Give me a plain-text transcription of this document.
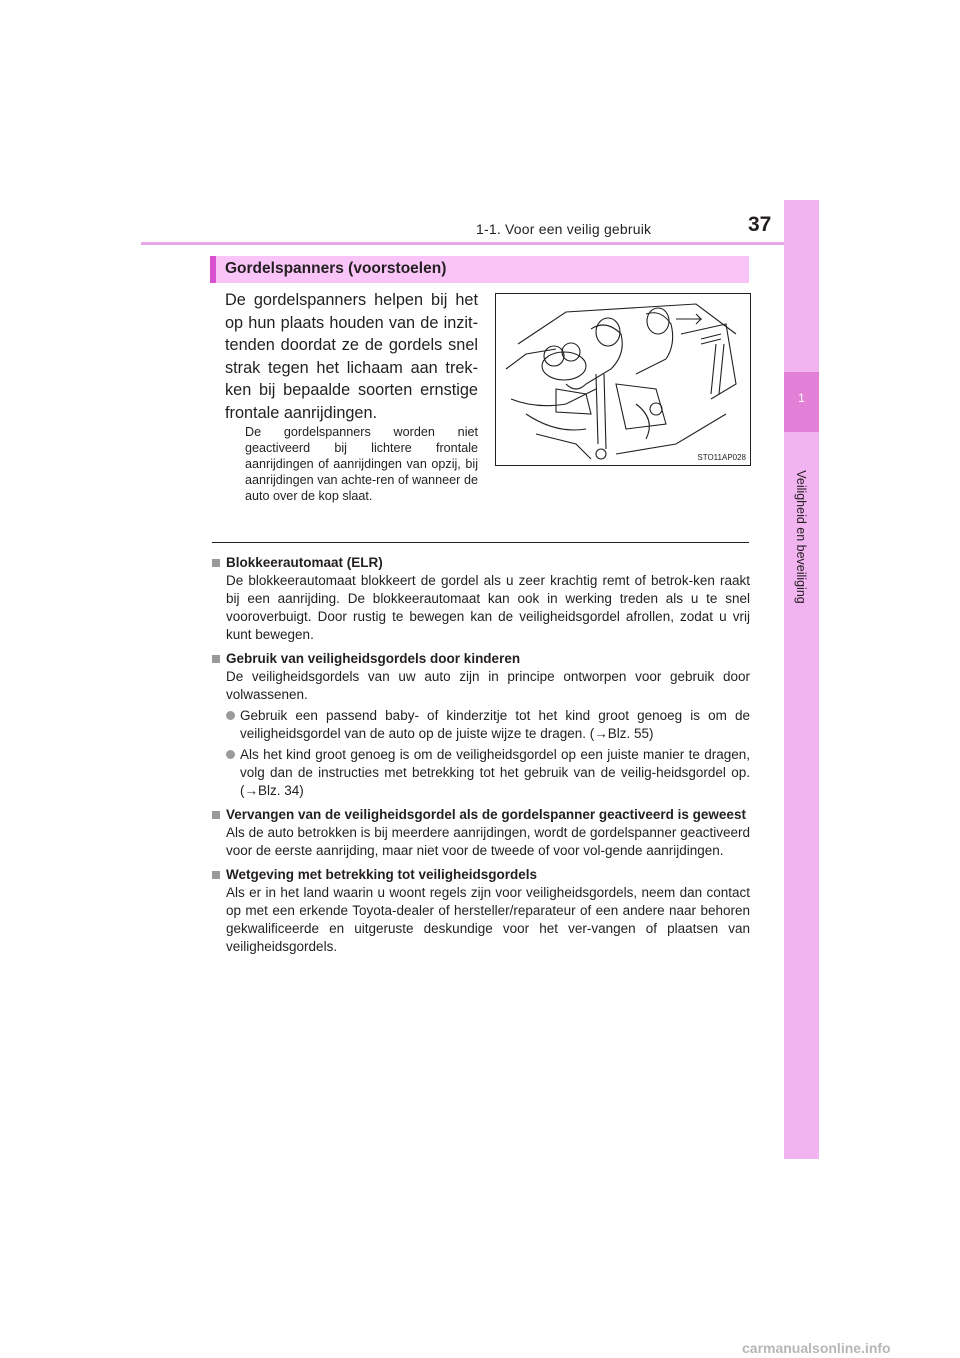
1-1. Voor een veilig gebruik	37
1
Veiligheid en beveiliging
Gordelspanners (voorstoelen)
De gordelspanners helpen bij het op hun plaats houden van de inzit-tenden doordat ze de gordels snel strak tegen het lichaam aan trek-ken bij bepaalde soorten ernstige frontale aanrijdingen.
De gordelspanners worden niet geactiveerd bij lichtere frontale aanrijdingen of aanrijdingen van opzij, bij aanrijdingen van achte-ren of wanneer de auto over de kop slaat.
STO11AP028
Blokkeerautomaat (ELR)
De blokkeerautomaat blokkeert de gordel als u zeer krachtig remt of betrok-ken raakt bij een aanrijding. De blokkeerautomaat kan ook in werking treden als u te snel vooroverbuigt. Door rustig te bewegen kan de veiligheidsgordel afrollen, zodat u vrij kunt bewegen.
Gebruik van veiligheidsgordels door kinderen
De veiligheidsgordels van uw auto zijn in principe ontworpen voor gebruik door volwassenen.
Gebruik een passend baby- of kinderzitje tot het kind groot genoeg is om de veiligheidsgordel van de auto op de juiste wijze te dragen. (→Blz. 55)
Als het kind groot genoeg is om de veiligheidsgordel op een juiste manier te dragen, volg dan de instructies met betrekking tot het gebruik van de veilig-heidsgordel op. (→Blz. 34)
Vervangen van de veiligheidsgordel als de gordelspanner geactiveerd is geweest
Als de auto betrokken is bij meerdere aanrijdingen, wordt de gordelspanner geactiveerd voor de eerste aanrijding, maar niet voor de tweede of voor vol-gende aanrijdingen.
Wetgeving met betrekking tot veiligheidsgordels
Als er in het land waarin u woont regels zijn voor veiligheidsgordels, neem dan contact op met een erkende Toyota-dealer of hersteller/reparateur of een andere naar behoren gekwalificeerde en uitgeruste deskundige voor het ver-vangen of plaatsen van veiligheidsgordels.
carmanualsonline.info
